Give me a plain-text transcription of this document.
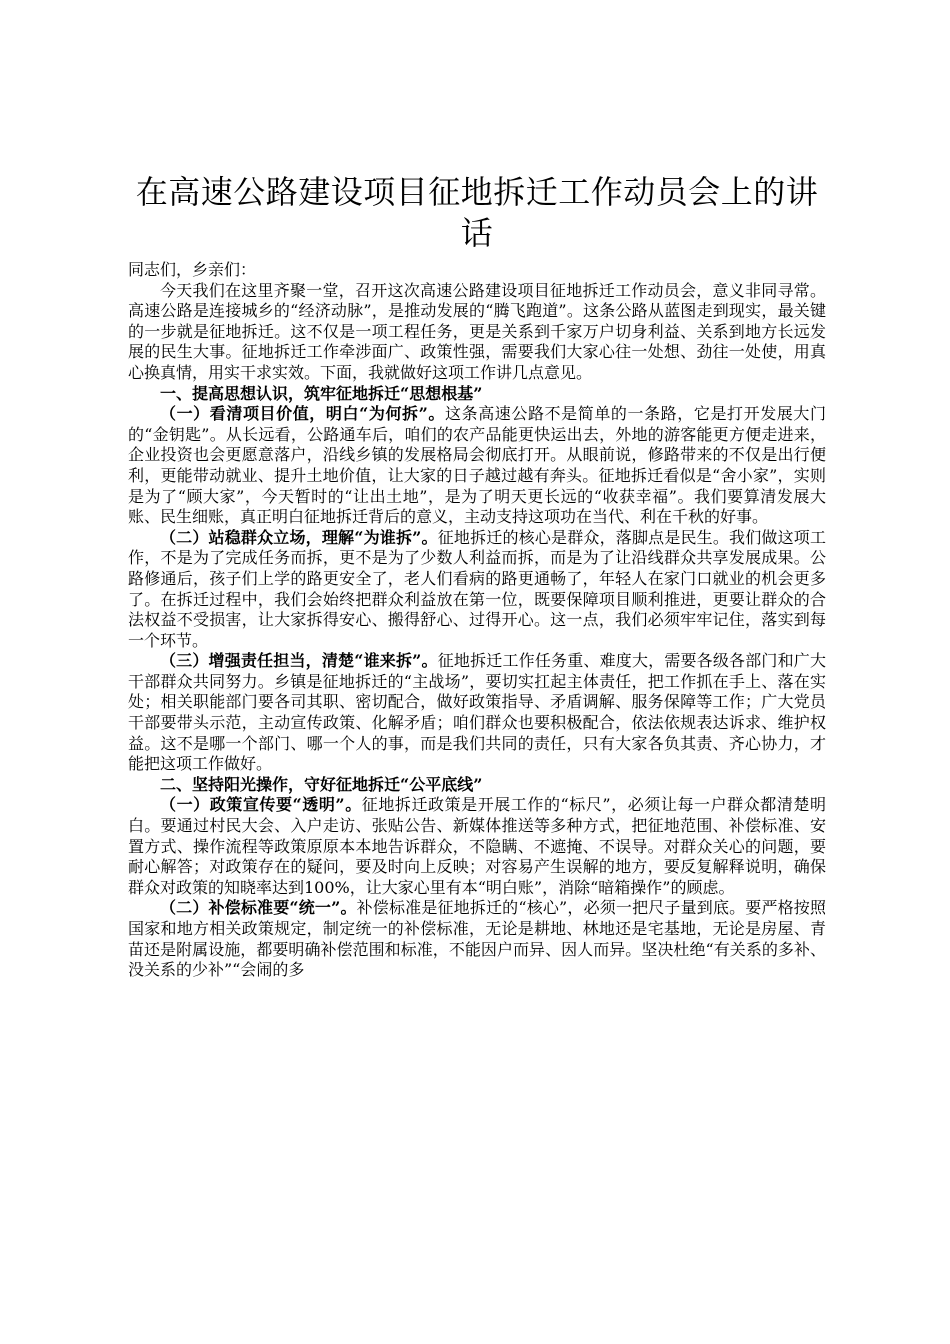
在高速公路建设项目征地拆迁工作动员会上的讲话

同志们，乡亲们：

今天我们在这里齐聚一堂，召开这次高速公路建设项目征地拆迁工作动员会，意义非同寻常。高速公路是连接城乡的“经济动脉”，是推动发展的“腾飞跑道”。这条公路从蓝图走到现实，最关键的一步就是征地拆迁。这不仅是一项工程任务，更是关系到千家万户切身利益、关系到地方长远发展的民生大事。征地拆迁工作牵涉面广、政策性强，需要我们大家心往一处想、劲往一处使，用真心换真情，用实干求实效。下面，我就做好这项工作讲几点意见。

一、提高思想认识，筑牢征地拆迁“思想根基”

（一）看清项目价值，明白“为何拆”。这条高速公路不是简单的一条路，它是打开发展大门的“金钥匙”。从长远看，公路通车后，咱们的农产品能更快运出去，外地的游客能更方便走进来，企业投资也会更愿意落户，沿线乡镇的发展格局会彻底打开。从眼前说，修路带来的不仅是出行便利，更能带动就业、提升土地价值，让大家的日子越过越有奔头。征地拆迁看似是“舍小家”，实则是为了“顾大家”，今天暂时的“让出土地”，是为了明天更长远的“收获幸福”。我们要算清发展大账、民生细账，真正明白征地拆迁背后的意义，主动支持这项功在当代、利在千秋的好事。

（二）站稳群众立场，理解“为谁拆”。征地拆迁的核心是群众，落脚点是民生。我们做这项工作，不是为了完成任务而拆，更不是为了少数人利益而拆，而是为了让沿线群众共享发展成果。公路修通后，孩子们上学的路更安全了，老人们看病的路更通畅了，年轻人在家门口就业的机会更多了。在拆迁过程中，我们会始终把群众利益放在第一位，既要保障项目顺利推进，更要让群众的合法权益不受损害，让大家拆得安心、搬得舒心、过得开心。这一点，我们必须牢牢记住，落实到每一个环节。

（三）增强责任担当，清楚“谁来拆”。征地拆迁工作任务重、难度大，需要各级各部门和广大干部群众共同努力。乡镇是征地拆迁的“主战场”，要切实扛起主体责任，把工作抓在手上、落在实处；相关职能部门要各司其职、密切配合，做好政策指导、矛盾调解、服务保障等工作；广大党员干部要带头示范，主动宣传政策、化解矛盾；咱们群众也要积极配合，依法依规表达诉求、维护权益。这不是哪一个部门、哪一个人的事，而是我们共同的责任，只有大家各负其责、齐心协力，才能把这项工作做好。

二、坚持阳光操作，守好征地拆迁“公平底线”

（一）政策宣传要“透明”。征地拆迁政策是开展工作的“标尺”，必须让每一户群众都清楚明白。要通过村民大会、入户走访、张贴公告、新媒体推送等多种方式，把征地范围、补偿标准、安置方式、操作流程等政策原原本本地告诉群众，不隐瞒、不遮掩、不误导。对群众关心的问题，要耐心解答；对政策存在的疑问，要及时向上反映；对容易产生误解的地方，要反复解释说明，确保群众对政策的知晓率达到100%，让大家心里有本“明白账”，消除“暗箱操作”的顾虑。

（二）补偿标准要“统一”。补偿标准是征地拆迁的“核心”，必须一把尺子量到底。要严格按照国家和地方相关政策规定，制定统一的补偿标准，无论是耕地、林地还是宅基地，无论是房屋、青苗还是附属设施，都要明确补偿范围和标准，不能因户而异、因人而异。坚决杜绝“有关系的多补、没关系的少补”“会闹的多
